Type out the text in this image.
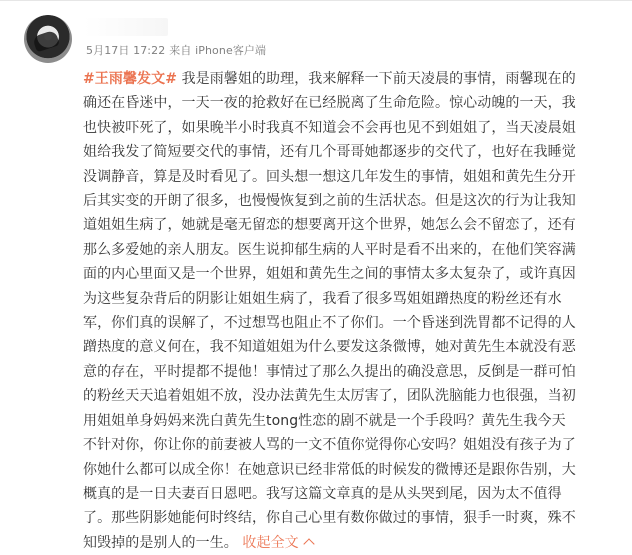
5月17日 17:22 来自 iPhone客户端
#王雨馨发文# 我是雨馨姐的助理，我来解释一下前天凌晨的事情，雨馨现在的确还在昏迷中，一天一夜的抢救好在已经脱离了生命危险。惊心动魄的一天，我也快被吓死了，如果晚半小时我真不知道会不会再也见不到姐姐了，当天凌晨姐姐给我发了简短要交代的事情，还有几个哥哥她都逐步的交代了，也好在我睡觉没调静音，算是及时看见了。回头想一想这几年发生的事情，姐姐和黄先生分开后其实变的开朗了很多，也慢慢恢复到之前的生活状态。但是这次的行为让我知道姐姐生病了，她就是毫无留恋的想要离开这个世界，她怎么会不留恋了，还有那么多爱她的亲人朋友。医生说抑郁生病的人平时是看不出来的，在他们笑容满面的内心里面又是一个世界，姐姐和黄先生之间的事情太多太复杂了，或许真因为这些复杂背后的阴影让姐姐生病了，我看了很多骂姐姐蹭热度的粉丝还有水军，你们真的误解了，不过想骂也阻止不了你们。一个昏迷到洗胃都不记得的人蹭热度的意义何在，我不知道姐姐为什么要发这条微博，她对黄先生本就没有恶意的存在，平时提都不提他！事情过了那么久提出的确没意思，反倒是一群可怕的粉丝天天追着姐姐不放，没办法黄先生太厉害了，团队洗脑能力也很强，当初用姐姐单身妈妈来洗白黄先生tong性恋的剧不就是一个手段吗？黄先生我今天不针对你，你让你的前妻被人骂的一文不值你觉得你心安吗？姐姐没有孩子为了你她什么都可以成全你！在她意识已经非常低的时候发的微博还是跟你告别，大概真的是一日夫妻百日恩吧。我写这篇文章真的是从头哭到尾，因为太不值得了。那些阴影她能何时终结，你自己心里有数你做过的事情，狠手一时爽，殊不知毁掉的是别人的一生。 收起全文
